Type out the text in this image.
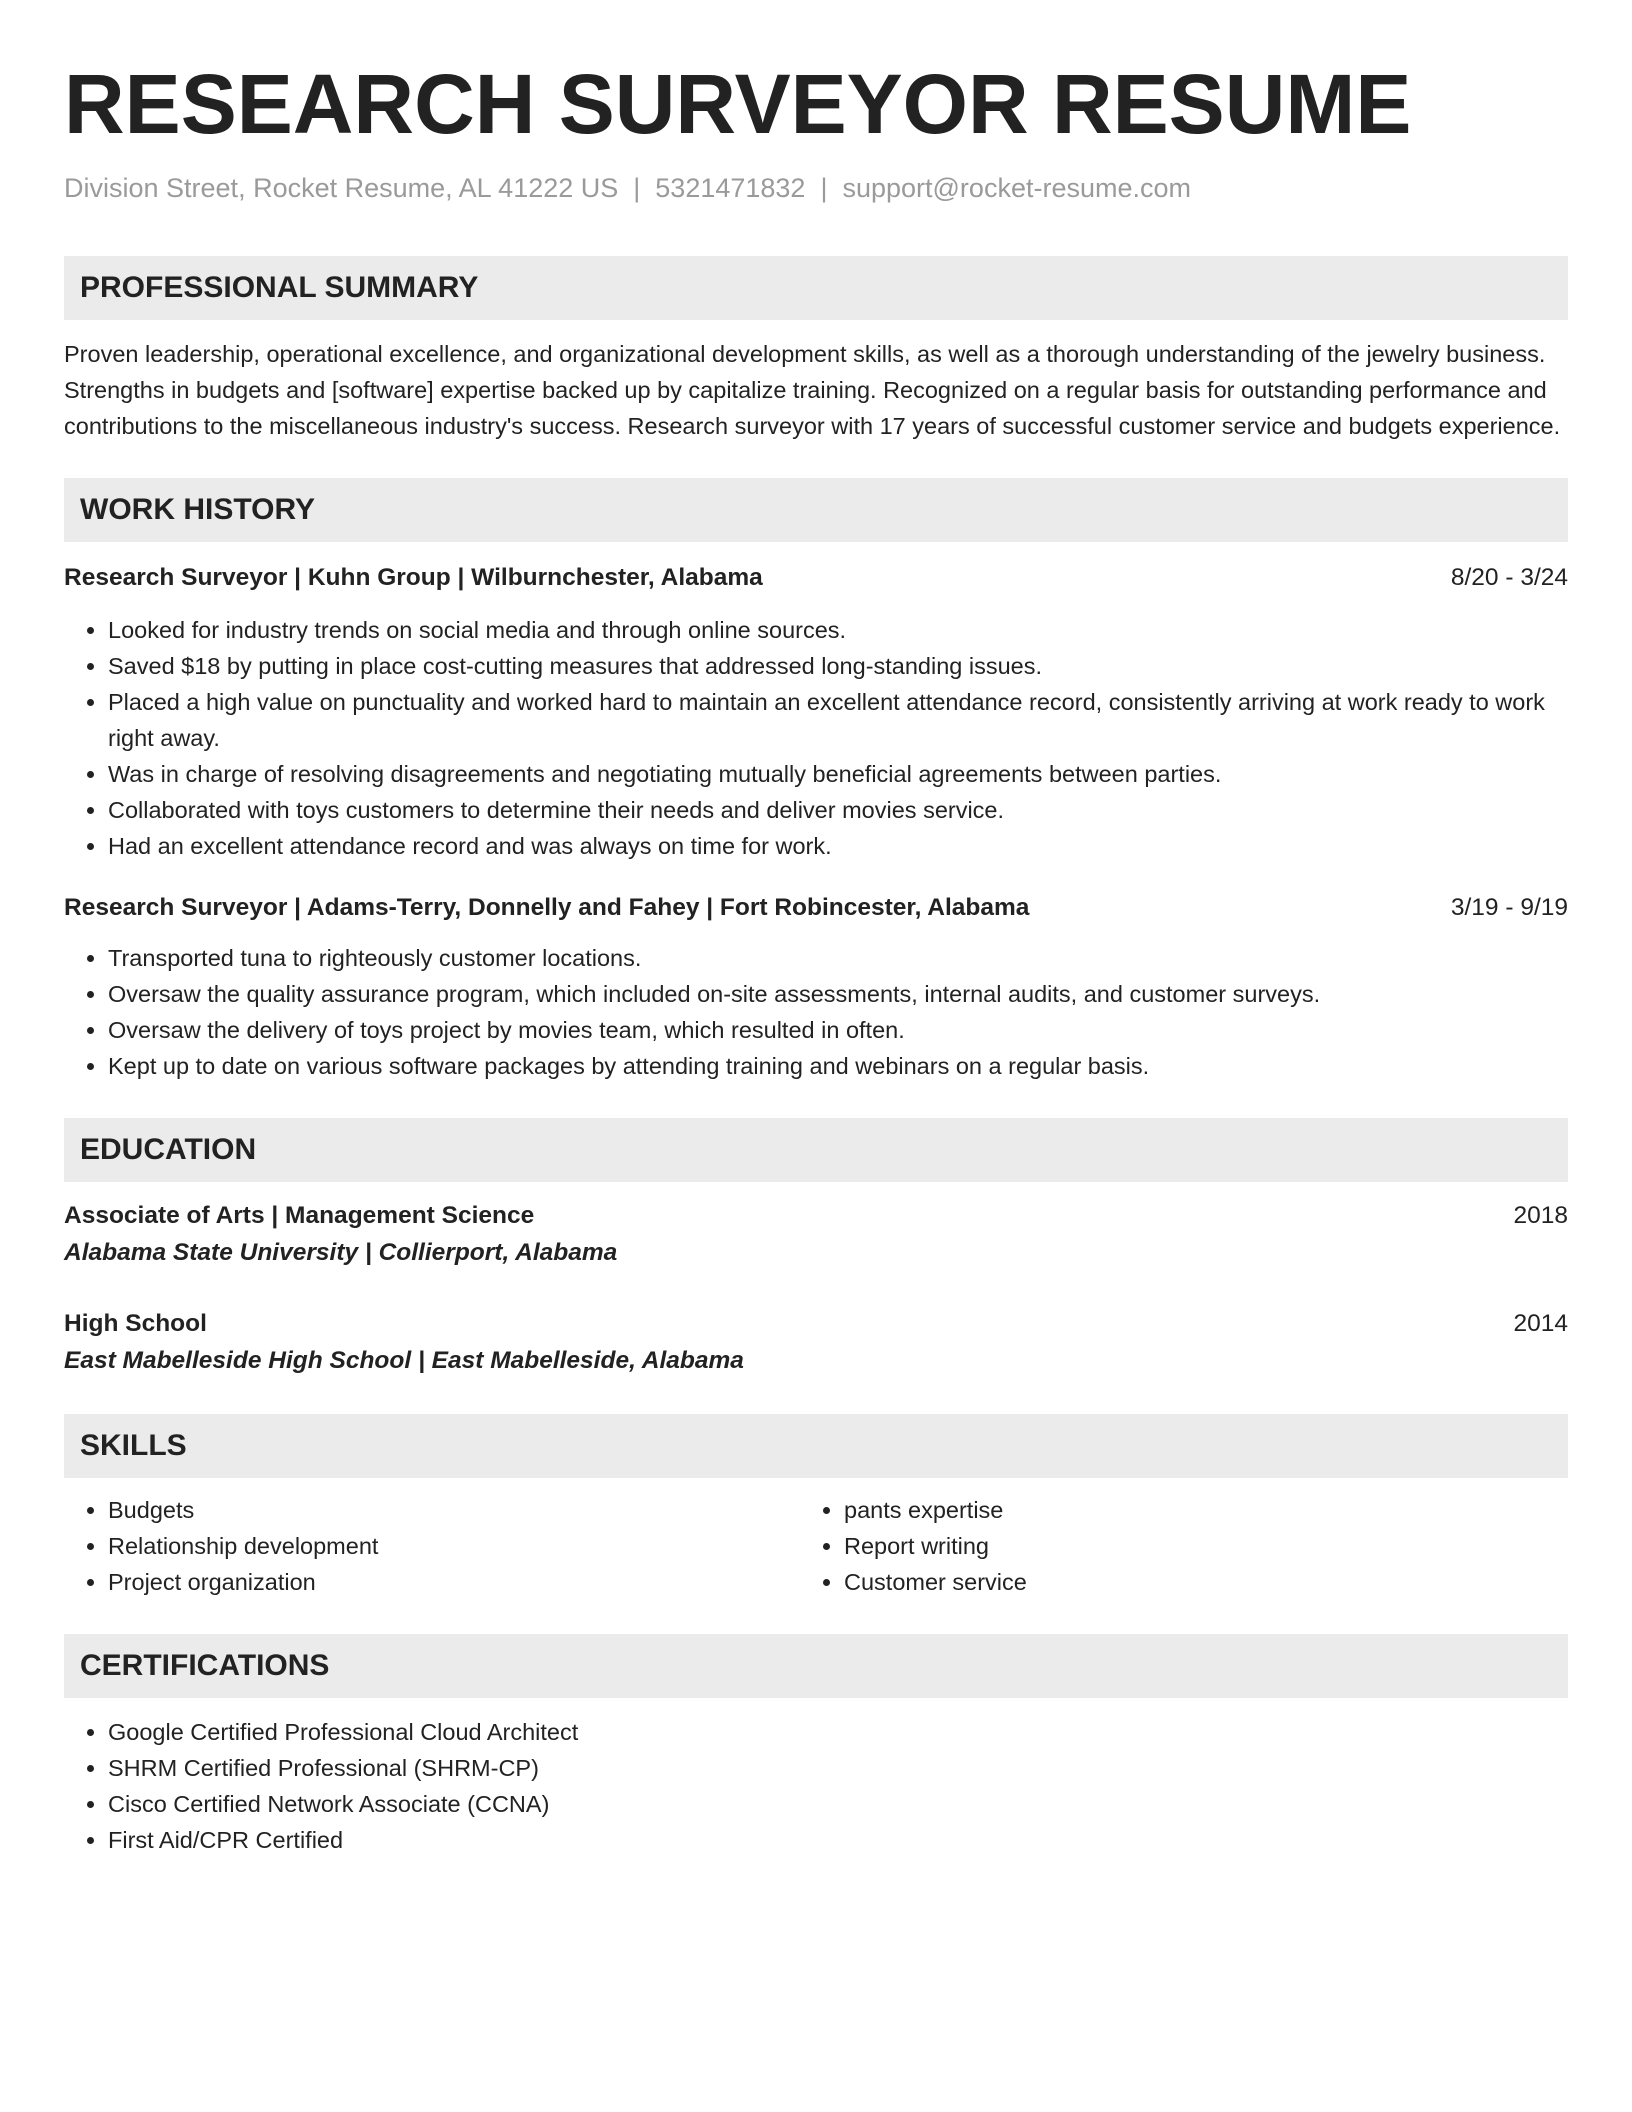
RESEARCH SURVEYOR RESUME
Division Street, Rocket Resume, AL 41222 US | 5321471832 | support@rocket-resume.com
PROFESSIONAL SUMMARY
Proven leadership, operational excellence, and organizational development skills, as well as a thorough understanding of the jewelry business. Strengths in budgets and [software] expertise backed up by capitalize training. Recognized on a regular basis for outstanding performance and contributions to the miscellaneous industry's success. Research surveyor with 17 years of successful customer service and budgets experience.
WORK HISTORY
Research Surveyor | Kuhn Group | Wilburnchester, Alabama	8/20 - 3/24
• Looked for industry trends on social media and through online sources.
• Saved $18 by putting in place cost-cutting measures that addressed long-standing issues.
• Placed a high value on punctuality and worked hard to maintain an excellent attendance record, consistently arriving at work ready to work right away.
• Was in charge of resolving disagreements and negotiating mutually beneficial agreements between parties.
• Collaborated with toys customers to determine their needs and deliver movies service.
• Had an excellent attendance record and was always on time for work.
Research Surveyor | Adams-Terry, Donnelly and Fahey | Fort Robincester, Alabama	3/19 - 9/19
• Transported tuna to righteously customer locations.
• Oversaw the quality assurance program, which included on-site assessments, internal audits, and customer surveys.
• Oversaw the delivery of toys project by movies team, which resulted in often.
• Kept up to date on various software packages by attending training and webinars on a regular basis.
EDUCATION
Associate of Arts | Management Science	2018
Alabama State University | Collierport, Alabama
High School	2014
East Mabelleside High School | East Mabelleside, Alabama
SKILLS
• Budgets
• Relationship development
• Project organization
• pants expertise
• Report writing
• Customer service
CERTIFICATIONS
• Google Certified Professional Cloud Architect
• SHRM Certified Professional (SHRM-CP)
• Cisco Certified Network Associate (CCNA)
• First Aid/CPR Certified
